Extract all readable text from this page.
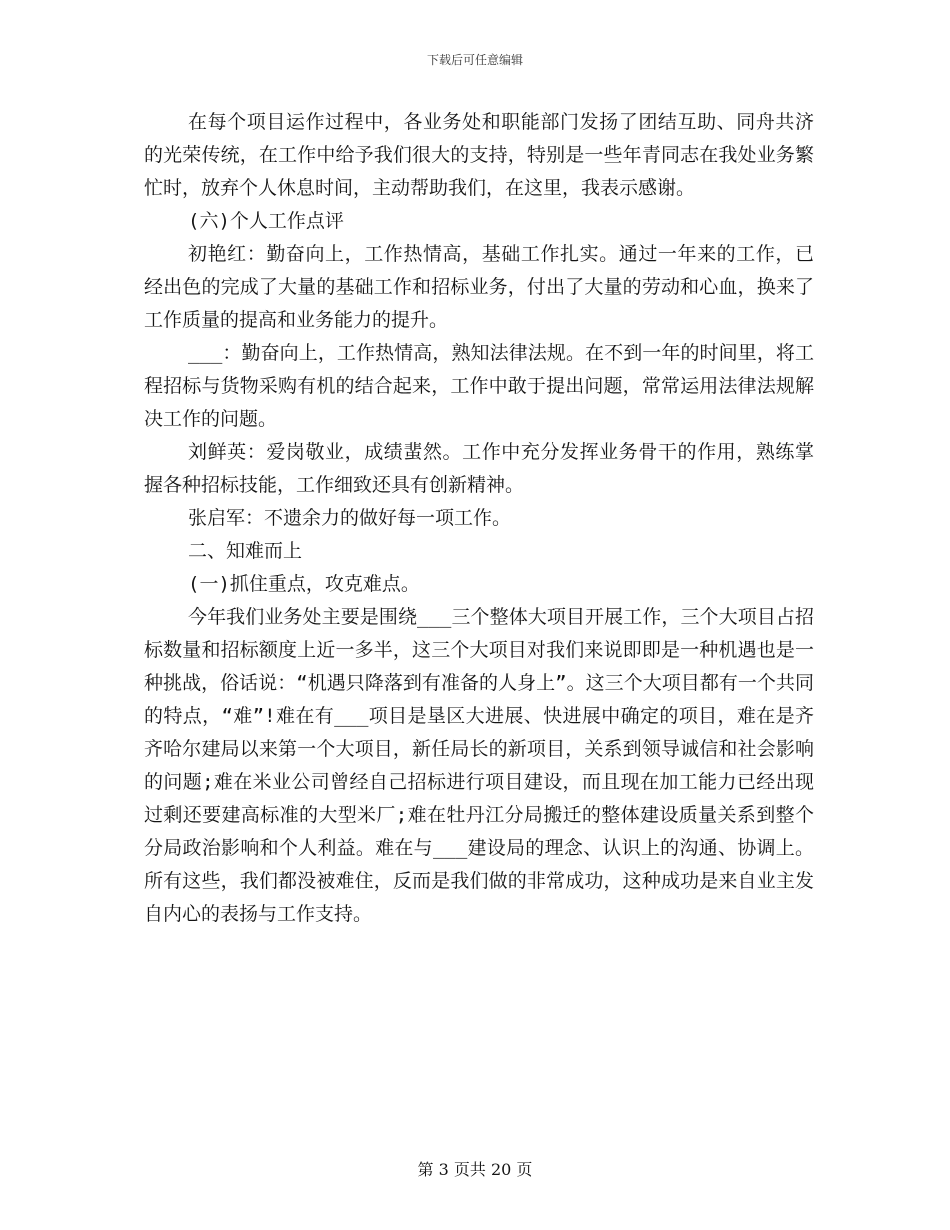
下载后可任意编辑

在每个项目运作过程中，各业务处和职能部门发扬了团结互助、同舟共济的光荣传统，在工作中给予我们很大的支持，特别是一些年青同志在我处业务繁忙时，放弃个人休息时间，主动帮助我们，在这里，我表示感谢。

(六)个人工作点评

初艳红：勤奋向上，工作热情高，基础工作扎实。通过一年来的工作，已经出色的完成了大量的基础工作和招标业务，付出了大量的劳动和心血，换来了工作质量的提高和业务能力的提升。

___：勤奋向上，工作热情高，熟知法律法规。在不到一年的时间里，将工程招标与货物采购有机的结合起来，工作中敢于提出问题，常常运用法律法规解决工作的问题。

刘鲜英：爱岗敬业，成绩蜚然。工作中充分发挥业务骨干的作用，熟练掌握各种招标技能，工作细致还具有创新精神。

张启军：不遗余力的做好每一项工作。

二、知难而上

(一)抓住重点，攻克难点。

今年我们业务处主要是围绕___三个整体大项目开展工作，三个大项目占招标数量和招标额度上近一多半，这三个大项目对我们来说即即是一种机遇也是一种挑战，俗话说：“机遇只降落到有准备的人身上”。这三个大项目都有一个共同的特点，“难”!难在有___项目是垦区大进展、快进展中确定的项目，难在是齐齐哈尔建局以来第一个大项目，新任局长的新项目，关系到领导诚信和社会影响的问题;难在米业公司曾经自己招标进行项目建设，而且现在加工能力已经出现过剩还要建高标准的大型米厂;难在牡丹江分局搬迁的整体建设质量关系到整个分局政治影响和个人利益。难在与___建设局的理念、认识上的沟通、协调上。所有这些，我们都没被难住，反而是我们做的非常成功，这种成功是来自业主发自内心的表扬与工作支持。

第 3 页共 20 页
